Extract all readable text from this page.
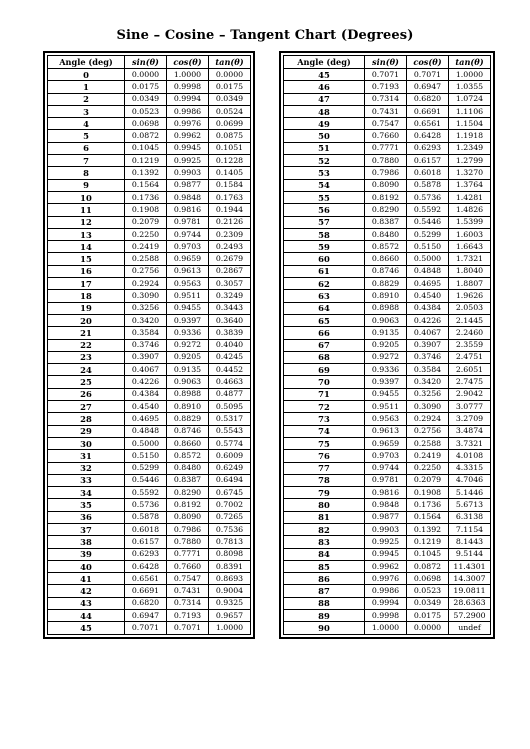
Sine – Cosine – Tangent Chart (Degrees)
Angle (deg)	sin(θ)	cos(θ)	tan(θ)
0	0.0000	1.0000	0.0000
1	0.0175	0.9998	0.0175
2	0.0349	0.9994	0.0349
3	0.0523	0.9986	0.0524
4	0.0698	0.9976	0.0699
5	0.0872	0.9962	0.0875
6	0.1045	0.9945	0.1051
7	0.1219	0.9925	0.1228
8	0.1392	0.9903	0.1405
9	0.1564	0.9877	0.1584
10	0.1736	0.9848	0.1763
11	0.1908	0.9816	0.1944
12	0.2079	0.9781	0.2126
13	0.2250	0.9744	0.2309
14	0.2419	0.9703	0.2493
15	0.2588	0.9659	0.2679
16	0.2756	0.9613	0.2867
17	0.2924	0.9563	0.3057
18	0.3090	0.9511	0.3249
19	0.3256	0.9455	0.3443
20	0.3420	0.9397	0.3640
21	0.3584	0.9336	0.3839
22	0.3746	0.9272	0.4040
23	0.3907	0.9205	0.4245
24	0.4067	0.9135	0.4452
25	0.4226	0.9063	0.4663
26	0.4384	0.8988	0.4877
27	0.4540	0.8910	0.5095
28	0.4695	0.8829	0.5317
29	0.4848	0.8746	0.5543
30	0.5000	0.8660	0.5774
31	0.5150	0.8572	0.6009
32	0.5299	0.8480	0.6249
33	0.5446	0.8387	0.6494
34	0.5592	0.8290	0.6745
35	0.5736	0.8192	0.7002
36	0.5878	0.8090	0.7265
37	0.6018	0.7986	0.7536
38	0.6157	0.7880	0.7813
39	0.6293	0.7771	0.8098
40	0.6428	0.7660	0.8391
41	0.6561	0.7547	0.8693
42	0.6691	0.7431	0.9004
43	0.6820	0.7314	0.9325
44	0.6947	0.7193	0.9657
45	0.7071	0.7071	1.0000
Angle (deg)	sin(θ)	cos(θ)	tan(θ)
45	0.7071	0.7071	1.0000
46	0.7193	0.6947	1.0355
47	0.7314	0.6820	1.0724
48	0.7431	0.6691	1.1106
49	0.7547	0.6561	1.1504
50	0.7660	0.6428	1.1918
51	0.7771	0.6293	1.2349
52	0.7880	0.6157	1.2799
53	0.7986	0.6018	1.3270
54	0.8090	0.5878	1.3764
55	0.8192	0.5736	1.4281
56	0.8290	0.5592	1.4826
57	0.8387	0.5446	1.5399
58	0.8480	0.5299	1.6003
59	0.8572	0.5150	1.6643
60	0.8660	0.5000	1.7321
61	0.8746	0.4848	1.8040
62	0.8829	0.4695	1.8807
63	0.8910	0.4540	1.9626
64	0.8988	0.4384	2.0503
65	0.9063	0.4226	2.1445
66	0.9135	0.4067	2.2460
67	0.9205	0.3907	2.3559
68	0.9272	0.3746	2.4751
69	0.9336	0.3584	2.6051
70	0.9397	0.3420	2.7475
71	0.9455	0.3256	2.9042
72	0.9511	0.3090	3.0777
73	0.9563	0.2924	3.2709
74	0.9613	0.2756	3.4874
75	0.9659	0.2588	3.7321
76	0.9703	0.2419	4.0108
77	0.9744	0.2250	4.3315
78	0.9781	0.2079	4.7046
79	0.9816	0.1908	5.1446
80	0.9848	0.1736	5.6713
81	0.9877	0.1564	6.3138
82	0.9903	0.1392	7.1154
83	0.9925	0.1219	8.1443
84	0.9945	0.1045	9.5144
85	0.9962	0.0872	11.4301
86	0.9976	0.0698	14.3007
87	0.9986	0.0523	19.0811
88	0.9994	0.0349	28.6363
89	0.9998	0.0175	57.2900
90	1.0000	0.0000	undef
